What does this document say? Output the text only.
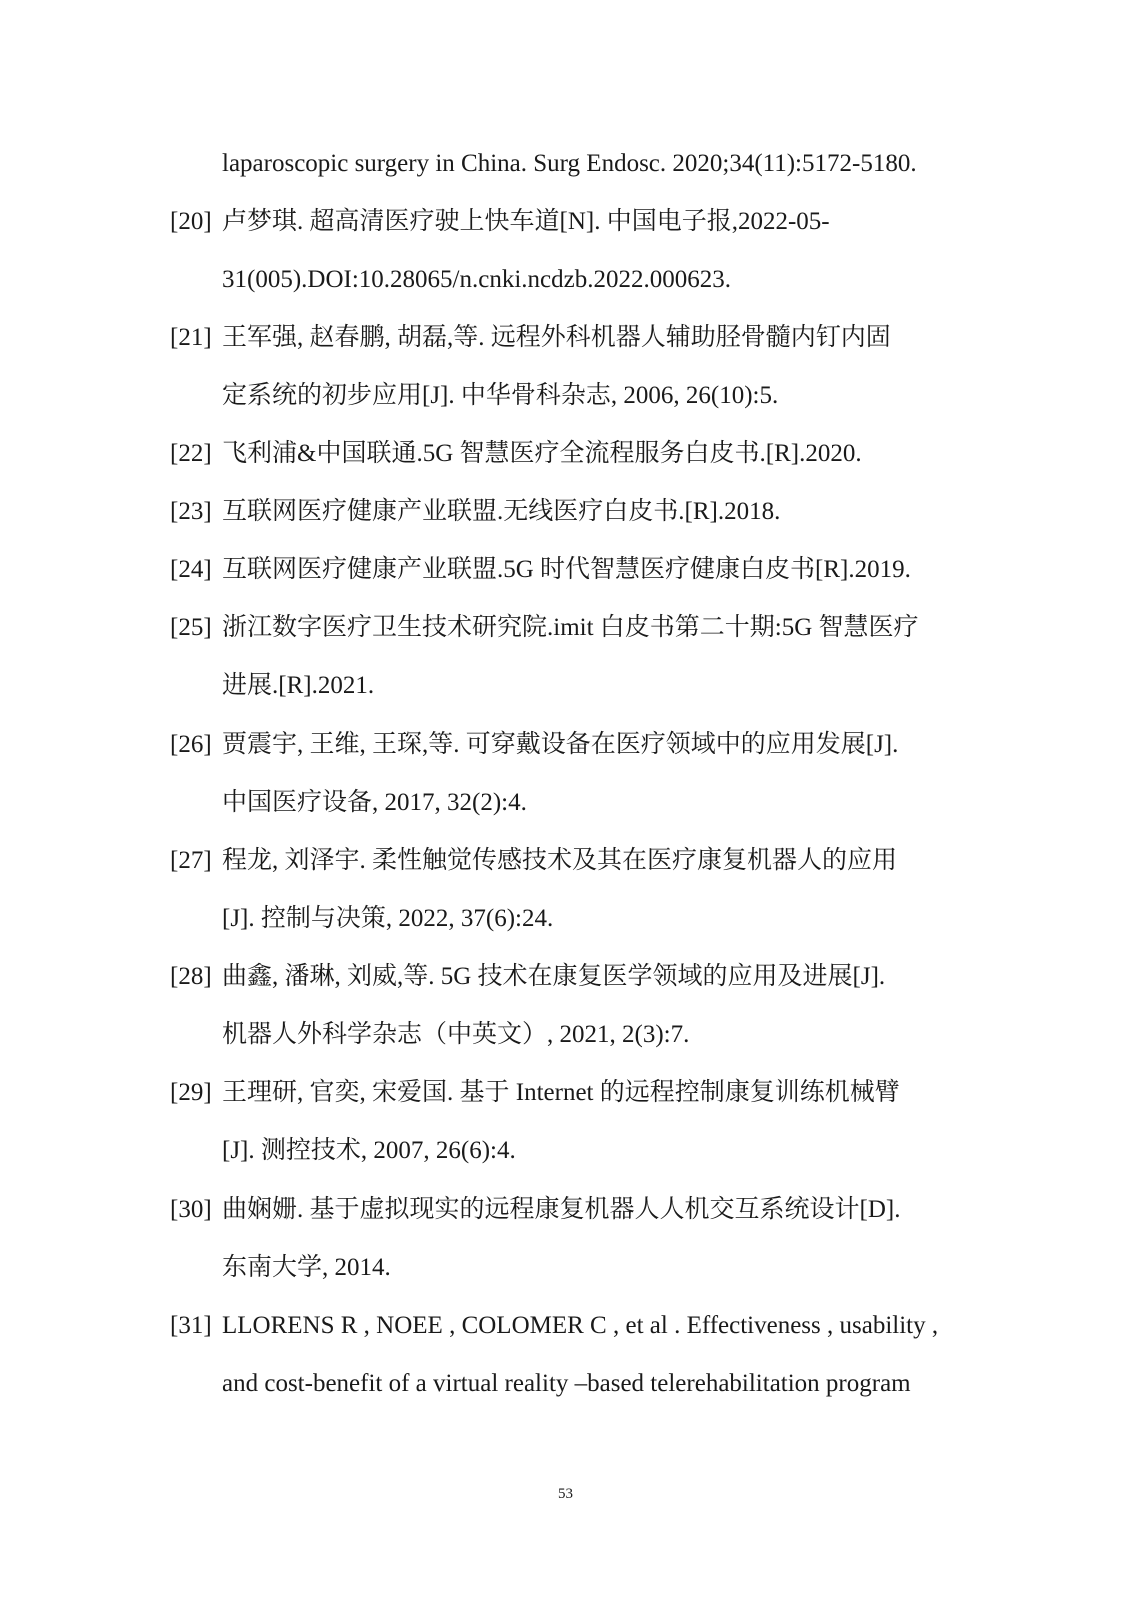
laparoscopic surgery in China. Surg Endosc. 2020;34(11):5172-5180.
[20] 卢梦琪. 超高清医疗驶上快车道[N]. 中国电子报,2022-05-
31(005).DOI:10.28065/n.cnki.ncdzb.2022.000623.
[21] 王军强, 赵春鹏, 胡磊,等. 远程外科机器人辅助胫骨髓内钉内固
定系统的初步应用[J]. 中华骨科杂志, 2006, 26(10):5.
[22] 飞利浦&中国联通.5G 智慧医疗全流程服务白皮书.[R].2020.
[23] 互联网医疗健康产业联盟.无线医疗白皮书.[R].2018.
[24] 互联网医疗健康产业联盟.5G 时代智慧医疗健康白皮书[R].2019.
[25] 浙江数字医疗卫生技术研究院.imit 白皮书第二十期:5G 智慧医疗
进展.[R].2021.
[26] 贾震宇, 王维, 王琛,等. 可穿戴设备在医疗领域中的应用发展[J].
中国医疗设备, 2017, 32(2):4.
[27] 程龙, 刘泽宇. 柔性触觉传感技术及其在医疗康复机器人的应用
[J]. 控制与决策, 2022, 37(6):24.
[28] 曲鑫, 潘琳, 刘威,等. 5G 技术在康复医学领域的应用及进展[J].
机器人外科学杂志（中英文）, 2021, 2(3):7.
[29] 王理研, 官奕, 宋爱国. 基于 Internet 的远程控制康复训练机械臂
[J]. 测控技术, 2007, 26(6):4.
[30] 曲娴姗. 基于虚拟现实的远程康复机器人人机交互系统设计[D].
东南大学, 2014.
[31] LLORENS R , NOEE , COLOMER C , et al . Effectiveness , usability ,
and cost-benefit of a virtual reality –based telerehabilitation program
53
